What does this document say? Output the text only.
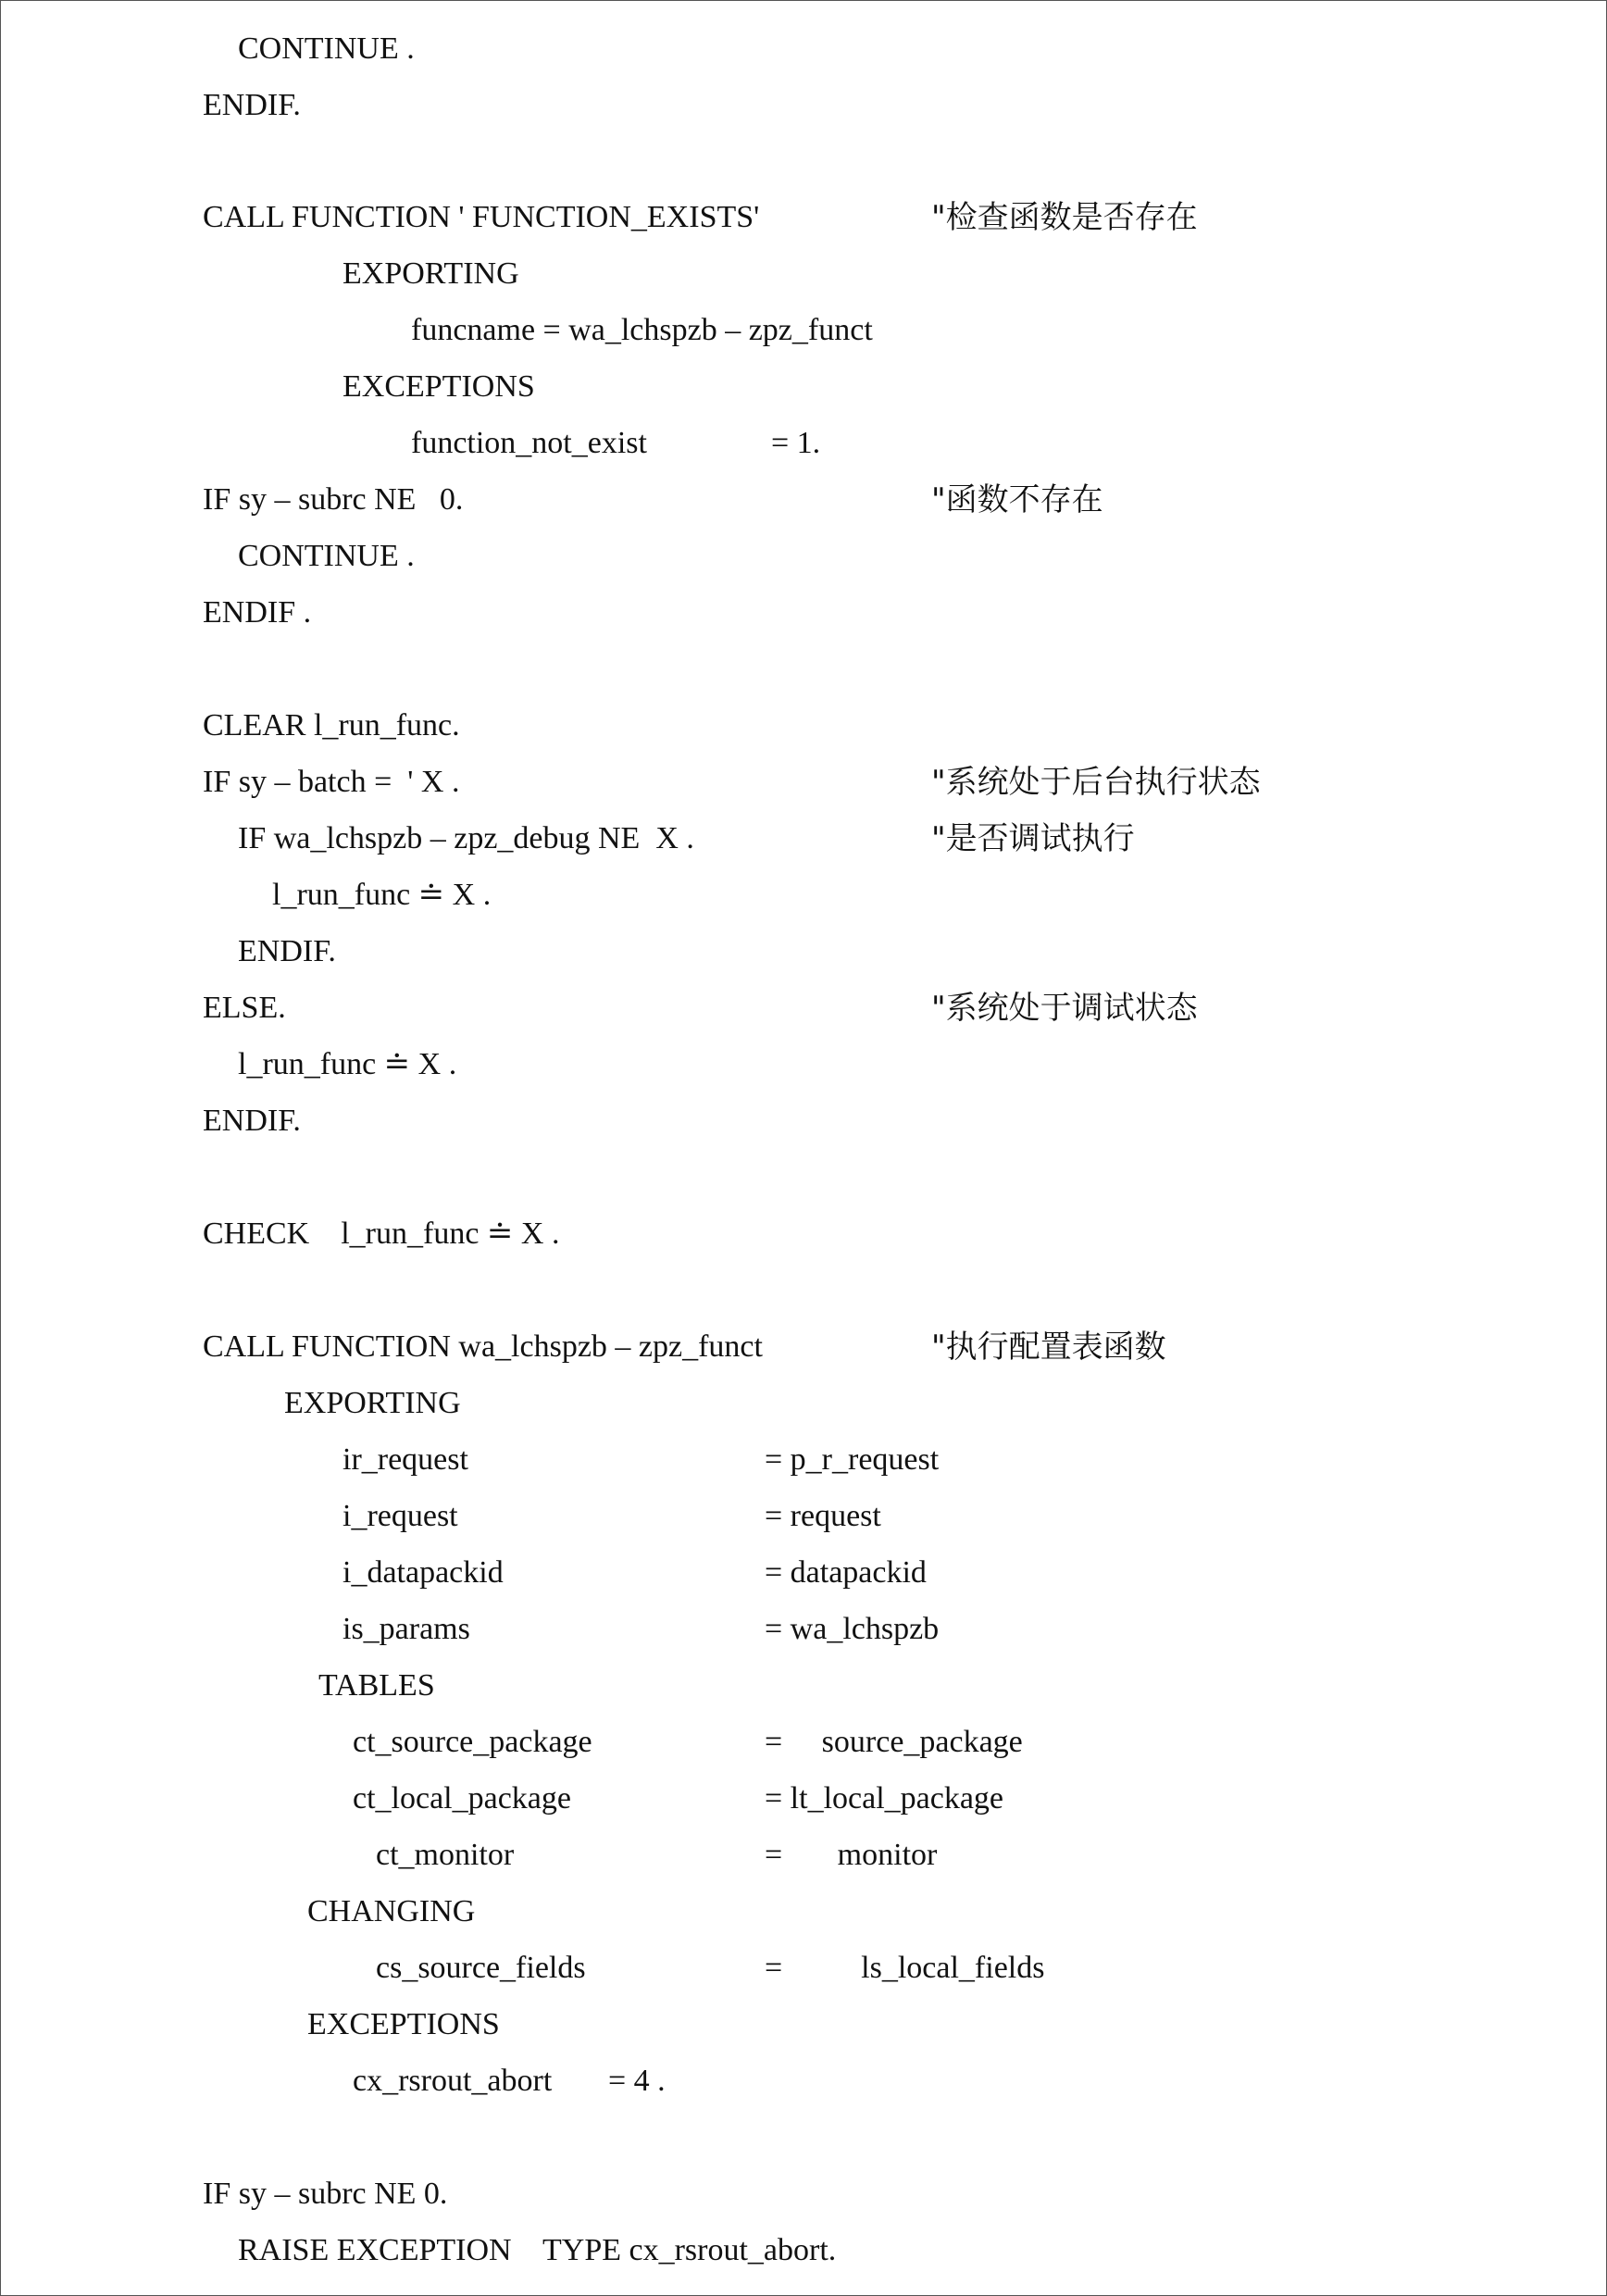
CONTINUE .
ENDIF.
CALL FUNCTION ' FUNCTION_EXISTS'	"检查函数是否存在
EXPORTING
funcname = wa_lchspzb – zpz_funct
EXCEPTIONS
function_not_exist	= 1.
IF sy – subrc NE   0.	"函数不存在
CONTINUE .
ENDIF .
CLEAR l_run_func.
IF sy – batch =  ' X .	"系统处于后台执行状态
IF wa_lchspzb – zpz_debug NE  X .	"是否调试执行
l_run_func ≐ X .
ENDIF.
ELSE.	"系统处于调试状态
l_run_func ≐ X .
ENDIF.
CHECK    l_run_func ≐ X .
CALL FUNCTION wa_lchspzb – zpz_funct	"执行配置表函数
EXPORTING
ir_request	= p_r_request
i_request	= request
i_datapackid	= datapackid
is_params	= wa_lchspzb
TABLES
ct_source_package	=     source_package
ct_local_package	= lt_local_package
ct_monitor	=       monitor
CHANGING
cs_source_fields	=          ls_local_fields
EXCEPTIONS
cx_rsrout_abort = 4 .
IF sy – subrc NE 0.
RAISE EXCEPTION    TYPE cx_rsrout_abort.
